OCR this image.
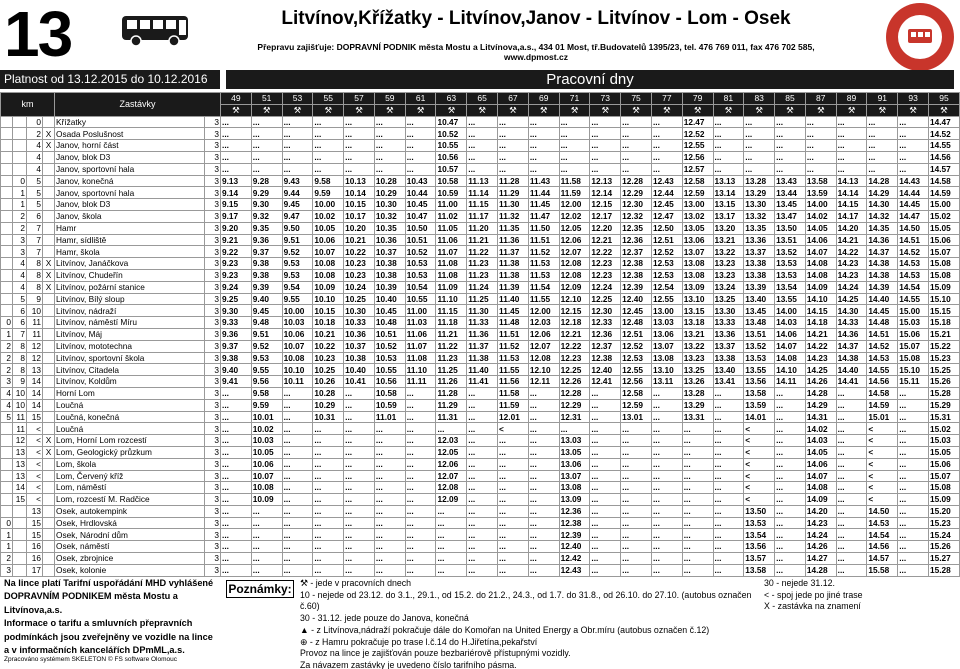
13	Litvínov,Křížatky - Litvínov,Janov - Litvínov - Lom - Osek
Přepravu zajišťuje: DOPRAVNÍ PODNIK města Mostu a Litvínova,a.s., 434 01 Most, tř.Budovatelů 1395/23, tel. 476 769 011, fax 476 702 585, www.dpmost.cz
Platnost od 13.12.2015 do 10.12.2016	Pracovní dny
km				Zastávky		49	51	53	55	57	59	61	63	65	67	69	71	73	75	77	79	81	83	85	87	89	91	93	95
						⚒	⚒	⚒	⚒	⚒	⚒	⚒	⚒	⚒	⚒	⚒	⚒	⚒	⚒	⚒	⚒	⚒	⚒	⚒	⚒	⚒	⚒	⚒	⚒
		0		Křížatky	3	...	...	...	...	...	...	...	10.47	...	...	...	...	...	...	...	12.47	...	...	...	...	...	...	...	14.47
		2	X	Osada Poslušnost	3	...	...	...	...	...	...	...	10.52	...	...	...	...	...	...	...	12.52	...	...	...	...	...	...	...	14.52
		4	X	Janov, horní část	3	...	...	...	...	...	...	...	10.55	...	...	...	...	...	...	...	12.55	...	...	...	...	...	...	...	14.55
		4		Janov, blok D3	3	...	...	...	...	...	...	...	10.56	...	...	...	...	...	...	...	12.56	...	...	...	...	...	...	...	14.56
		4		Janov, sportovní hala	3	...	...	...	...	...	...	...	10.57	...	...	...	...	...	...	...	12.57	...	...	...	...	...	...	...	14.57
	0	5		Janov, konečná	3	9.13	9.28	9.43	9.58	10.13	10.28	10.43	10.58	11.13	11.28	11.43	11.58	12.13	12.28	12.43	12.58	13.13	13.28	13.43	13.58	14.13	14.28	14.43	14.58
	1	5		Janov, sportovní hala	3	9.14	9.29	9.44	9.59	10.14	10.29	10.44	10.59	11.14	11.29	11.44	11.59	12.14	12.29	12.44	12.59	13.14	13.29	13.44	13.59	14.14	14.29	14.44	14.59
	1	5		Janov, blok D3	3	9.15	9.30	9.45	10.00	10.15	10.30	10.45	11.00	11.15	11.30	11.45	12.00	12.15	12.30	12.45	13.00	13.15	13.30	13.45	14.00	14.15	14.30	14.45	15.00
	2	6		Janov, škola	3	9.17	9.32	9.47	10.02	10.17	10.32	10.47	11.02	11.17	11.32	11.47	12.02	12.17	12.32	12.47	13.02	13.17	13.32	13.47	14.02	14.17	14.32	14.47	15.02
	2	7		Hamr	3	9.20	9.35	9.50	10.05	10.20	10.35	10.50	11.05	11.20	11.35	11.50	12.05	12.20	12.35	12.50	13.05	13.20	13.35	13.50	14.05	14.20	14.35	14.50	15.05
	3	7		Hamr, sídliště	3	9.21	9.36	9.51	10.06	10.21	10.36	10.51	11.06	11.21	11.36	11.51	12.06	12.21	12.36	12.51	13.06	13.21	13.36	13.51	14.06	14.21	14.36	14.51	15.06
	3	7		Hamr, škola	3	9.22	9.37	9.52	10.07	10.22	10.37	10.52	11.07	11.22	11.37	11.52	12.07	12.22	12.37	12.52	13.07	13.22	13.37	13.52	14.07	14.22	14.37	14.52	15.07
	4	8	X	Litvínov, Janáčkova	3	9.23	9.38	9.53	10.08	10.23	10.38	10.53	11.08	11.23	11.38	11.53	12.08	12.23	12.38	12.53	13.08	13.23	13.38	13.53	14.08	14.23	14.38	14.53	15.08
	4	8	X	Litvínov, Chudeřín	3	9.23	9.38	9.53	10.08	10.23	10.38	10.53	11.08	11.23	11.38	11.53	12.08	12.23	12.38	12.53	13.08	13.23	13.38	13.53	14.08	14.23	14.38	14.53	15.08
	4	8	X	Litvínov, požární stanice	3	9.24	9.39	9.54	10.09	10.24	10.39	10.54	11.09	11.24	11.39	11.54	12.09	12.24	12.39	12.54	13.09	13.24	13.39	13.54	14.09	14.24	14.39	14.54	15.09
	5	9		Litvínov, Bílý sloup	3	9.25	9.40	9.55	10.10	10.25	10.40	10.55	11.10	11.25	11.40	11.55	12.10	12.25	12.40	12.55	13.10	13.25	13.40	13.55	14.10	14.25	14.40	14.55	15.10
	6	10		Litvínov, nádraží	3	9.30	9.45	10.00	10.15	10.30	10.45	11.00	11.15	11.30	11.45	12.00	12.15	12.30	12.45	13.00	13.15	13.30	13.45	14.00	14.15	14.30	14.45	15.00	15.15
0	6	11		Litvínov, náměstí Míru	3	9.33	9.48	10.03	10.18	10.33	10.48	11.03	11.18	11.33	11.48	12.03	12.18	12.33	12.48	13.03	13.18	13.33	13.48	14.03	14.18	14.33	14.48	15.03	15.18
1	7	11		Litvínov, Máj	3	9.36	9.51	10.06	10.21	10.36	10.51	11.06	11.21	11.36	11.51	12.06	12.21	12.36	12.51	13.06	13.21	13.36	13.51	14.06	14.21	14.36	14.51	15.06	15.21
2	8	12		Litvínov, mototechna	3	9.37	9.52	10.07	10.22	10.37	10.52	11.07	11.22	11.37	11.52	12.07	12.22	12.37	12.52	13.07	13.22	13.37	13.52	14.07	14.22	14.37	14.52	15.07	15.22
2	8	12		Litvínov, sportovní škola	3	9.38	9.53	10.08	10.23	10.38	10.53	11.08	11.23	11.38	11.53	12.08	12.23	12.38	12.53	13.08	13.23	13.38	13.53	14.08	14.23	14.38	14.53	15.08	15.23
2	8	13		Litvínov, Citadela	3	9.40	9.55	10.10	10.25	10.40	10.55	11.10	11.25	11.40	11.55	12.10	12.25	12.40	12.55	13.10	13.25	13.40	13.55	14.10	14.25	14.40	14.55	15.10	15.25
3	9	14		Litvínov, Koldům	3	9.41	9.56	10.11	10.26	10.41	10.56	11.11	11.26	11.41	11.56	12.11	12.26	12.41	12.56	13.11	13.26	13.41	13.56	14.11	14.26	14.41	14.56	15.11	15.26
4	10	14		Horní Lom	3	...	9.58	...	10.28	...	10.58	...	11.28	...	11.58	...	12.28	...	12.58	...	13.28	...	13.58	...	14.28	...	14.58	...	15.28
4	10	14		Loučná	3	...	9.59	...	10.29	...	10.59	...	11.29	...	11.59	...	12.29	...	12.59	...	13.29	...	13.59	...	14.29	...	14.59	...	15.29
5	11	15		Loučná, konečná	3	...	10.01	...	10.31	...	11.01	...	11.31	...	12.01	...	12.31	...	13.01	...	13.31	...	14.01	...	14.31	...	15.01	...	15.31
	11	<		Loučná	3	...	10.02	...	...	...	...	...	...	...	<	...	...	...	...	...	...	...	<	...	14.02	...	<	...	15.02
	12	<	X	Lom, Horní Lom rozcestí	3	...	10.03	...	...	...	...	...	12.03	...	...	...	13.03	...	...	...	...	...	<	...	14.03	...	<	...	15.03
	13	<	X	Lom, Geologický průzkum	3	...	10.05	...	...	...	...	...	12.05	...	...	...	13.05	...	...	...	...	...	<	...	14.05	...	<	...	15.05
	13	<		Lom, škola	3	...	10.06	...	...	...	...	...	12.06	...	...	...	13.06	...	...	...	...	...	<	...	14.06	...	<	...	15.06
	13	<		Lom, Červený kříž	3	...	10.07	...	...	...	...	...	12.07	...	...	...	13.07	...	...	...	...	...	<	...	14.07	...	<	...	15.07
	14	<		Lom, náměstí	3	...	10.08	...	...	...	...	...	12.08	...	...	...	13.08	...	...	...	...	...	<	...	14.08	...	<	...	15.08
	15	<		Lom, rozcestí M. Radčice	3	...	10.09	...	...	...	...	...	12.09	...	...	...	13.09	...	...	...	...	...	<	...	14.09	...	<	...	15.09
		13		Osek, autokempink	3	...	...	...	...	...	...	...	...	...	...	...	12.36	...	...	...	...	...	13.50	...	14.20	...	14.50	...	15.20
0		15		Osek, Hrdlovská	3	...	...	...	...	...	...	...	...	...	...	...	12.38	...	...	...	...	...	13.53	...	14.23	...	14.53	...	15.23
1		15		Osek, Národní dům	3	...	...	...	...	...	...	...	...	...	...	...	12.39	...	...	...	...	...	13.54	...	14.24	...	14.54	...	15.24
1		16		Osek, náměstí	3	...	...	...	...	...	...	...	...	...	...	...	12.40	...	...	...	...	...	13.56	...	14.26	...	14.56	...	15.26
2		16		Osek, zbrojnice	3	...	...	...	...	...	...	...	...	...	...	...	12.42	...	...	...	...	...	13.57	...	14.27	...	14.57	...	15.27
3		17		Osek, kolonie	3	...	...	...	...	...	...	...	...	...	...	...	12.43	...	...	...	...	...	13.58	...	14.28	...	15.58	...	15.28
Na lince platí Tarifní uspořádání MHD vyhlášené
DOPRAVNÍM PODNIKEM města Mostu a Litvínova,a.s.
Informace o tarifu a smluvních přepravních
podmínkách jsou zveřejněny ve vozidle na lince
a v informačních kancelářích DPmML,a.s.
Poznámky: ⚒ - jede v pracovních dnech
10 - nejede od 23.12. do 3.1., 29.1., od 15.2. do 21.2., 24.3., od 1.7. do 31.8., od 26.10. do 27.10. (autobus označen č.60)
30 - 31.12. jede pouze do Janova, konečná
▲ - z Litvínova,nádraží pokračuje dále do Komořan na United Energy a Obr.míru (autobus označen č.12)
⊕ - z Hamru pokračuje po trase l.č.14 do H.Jiřetína,pekařství
Provoz na lince je zajišťován pouze bezbariérově přístupnými vozidly.
Za návazem zastávky je uvedeno číslo tarifního pásma.
30 - nejede 31.12.
< - spoj jede po jiné trase
X - zastávka na znamení
Zpracováno systémem SKELETON © FS software Olomouc
